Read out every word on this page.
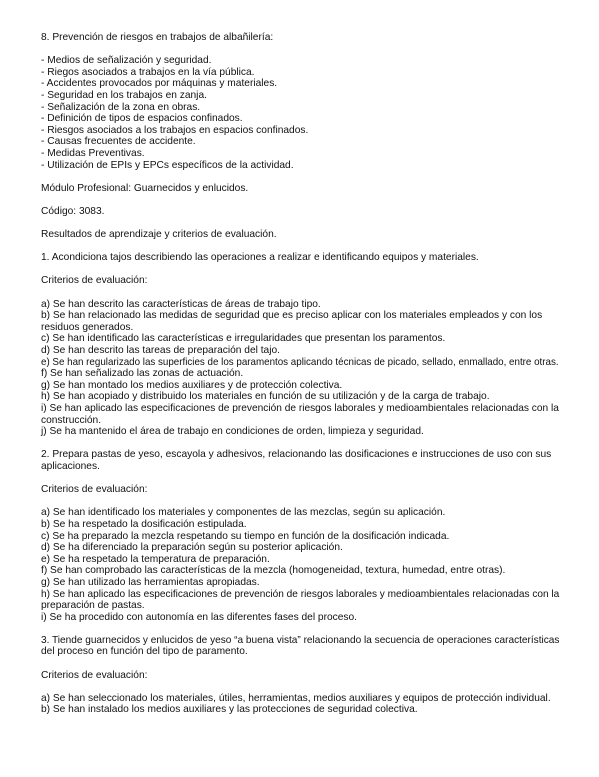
8. Prevención de riesgos en trabajos de albañilería:
- Medios de señalización y seguridad.
- Riegos asociados a trabajos en la vía pública.
- Accidentes provocados por máquinas y materiales.
- Seguridad en los trabajos en zanja.
- Señalización de la zona en obras.
- Definición de tipos de espacios confinados.
- Riesgos asociados a los trabajos en espacios confinados.
- Causas frecuentes de accidente.
- Medidas Preventivas.
- Utilización de EPIs y EPCs específicos de la actividad.
Módulo Profesional: Guarnecidos y enlucidos.
Código: 3083.
Resultados de aprendizaje y criterios de evaluación.
1. Acondiciona tajos describiendo las operaciones a realizar e identificando equipos y materiales.
Criterios de evaluación:
a) Se han descrito las características de áreas de trabajo tipo.
b) Se han relacionado las medidas de seguridad que es preciso aplicar con los materiales empleados y con los
residuos generados.
c) Se han identificado las características e irregularidades que presentan los paramentos.
d) Se han descrito las tareas de preparación del tajo.
e) Se han regularizado las superficies de los paramentos aplicando técnicas de picado, sellado, enmallado, entre otras.
f) Se han señalizado las zonas de actuación.
g) Se han montado los medios auxiliares y de protección colectiva.
h) Se han acopiado y distribuido los materiales en función de su utilización y de la carga de trabajo.
i) Se han aplicado las especificaciones de prevención de riesgos laborales y medioambientales relacionadas con la
construcción.
j) Se ha mantenido el área de trabajo en condiciones de orden, limpieza y seguridad.
2. Prepara pastas de yeso, escayola y adhesivos, relacionando las dosificaciones e instrucciones de uso con sus
aplicaciones.
Criterios de evaluación:
a) Se han identificado los materiales y componentes de las mezclas, según su aplicación.
b) Se ha respetado la dosificación estipulada.
c) Se ha preparado la mezcla respetando su tiempo en función de la dosificación indicada.
d) Se ha diferenciado la preparación según su posterior aplicación.
e) Se ha respetado la temperatura de preparación.
f) Se han comprobado las características de la mezcla (homogeneidad, textura, humedad, entre otras).
g) Se han utilizado las herramientas apropiadas.
h) Se han aplicado las especificaciones de prevención de riesgos laborales y medioambientales relacionadas con la
preparación de pastas.
i) Se ha procedido con autonomía en las diferentes fases del proceso.
3. Tiende guarnecidos y enlucidos de yeso “a buena vista” relacionando la secuencia de operaciones características
del proceso en función del tipo de paramento.
Criterios de evaluación:
a) Se han seleccionado los materiales, útiles, herramientas, medios auxiliares y equipos de protección individual.
b) Se han instalado los medios auxiliares y las protecciones de seguridad colectiva.
